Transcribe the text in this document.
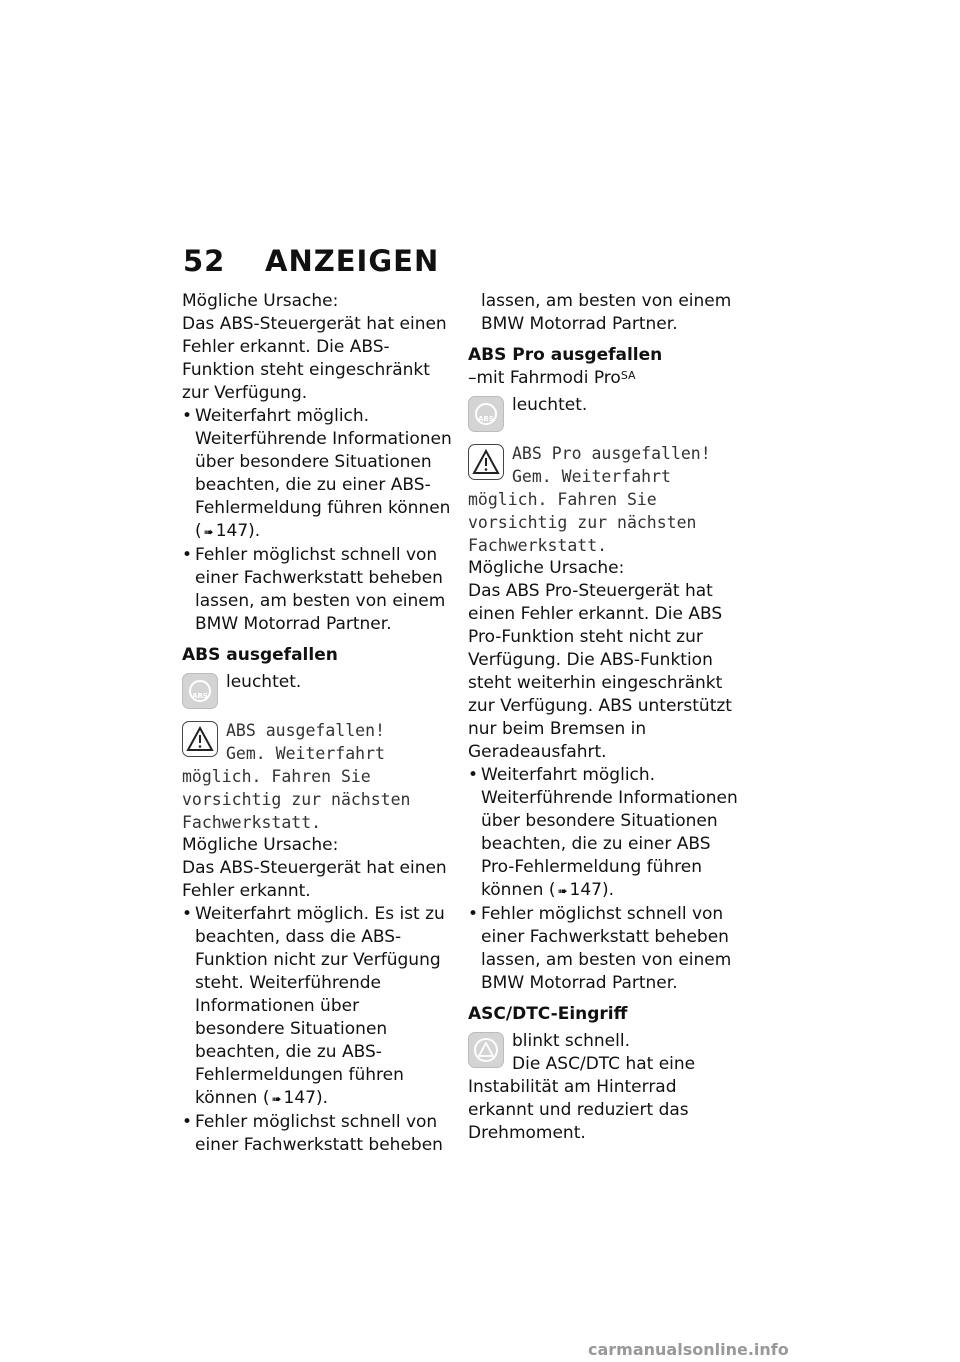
52 ANZEIGEN

Mögliche Ursache:

Das ABS-Steuergerät hat einen Fehler erkannt. Die ABS-Funktion steht eingeschränkt zur Verfügung.

• Weiterfahrt möglich. Weiterführende Informationen über besondere Situationen beachten, die zu einer ABS-Fehlermeldung führen können ( ➠ 147).

• Fehler möglichst schnell von einer Fachwerkstatt beheben lassen, am besten von einem BMW Motorrad Partner.

ABS ausgefallen

ABS

leuchtet.

ABS ausgefallen!

Gem. Weiterfahrt

möglich. Fahren Sie vorsichtig zur nächsten Fachwerkstatt.

Mögliche Ursache:

Das ABS-Steuergerät hat einen Fehler erkannt.

• Weiterfahrt möglich. Es ist zu beachten, dass die ABS-Funktion nicht zur Verfügung steht. Weiterführende Informationen über besondere Situationen beachten, die zu ABS-Fehlermeldungen führen können ( ➠ 147).

• Fehler möglichst schnell von einer Fachwerkstatt beheben

lassen, am besten von einem BMW Motorrad Partner.

ABS Pro ausgefallen

–mit Fahrmodi Pro$^{SA}$

ABS

leuchtet.

ABS Pro ausgefallen!

Gem. Weiterfahrt

möglich. Fahren Sie vorsichtig zur nächsten Fachwerkstatt.

Mögliche Ursache:

Das ABS Pro-Steuergerät hat einen Fehler erkannt. Die ABS Pro-Funktion steht nicht zur Verfügung. Die ABS-Funktion steht weiterhin eingeschränkt zur Verfügung. ABS unterstützt nur beim Bremsen in Geradeausfahrt.

• Weiterfahrt möglich. Weiterführende Informationen über besondere Situationen beachten, die zu einer ABS Pro-Fehlermeldung führen können ( ➠ 147).

• Fehler möglichst schnell von einer Fachwerkstatt beheben lassen, am besten von einem BMW Motorrad Partner.

ASC/DTC-Eingriff

blinkt schnell.

Die ASC/DTC hat eine Instabilität am Hinterrad erkannt und reduziert das Drehmoment.

carmanualsonline.info
